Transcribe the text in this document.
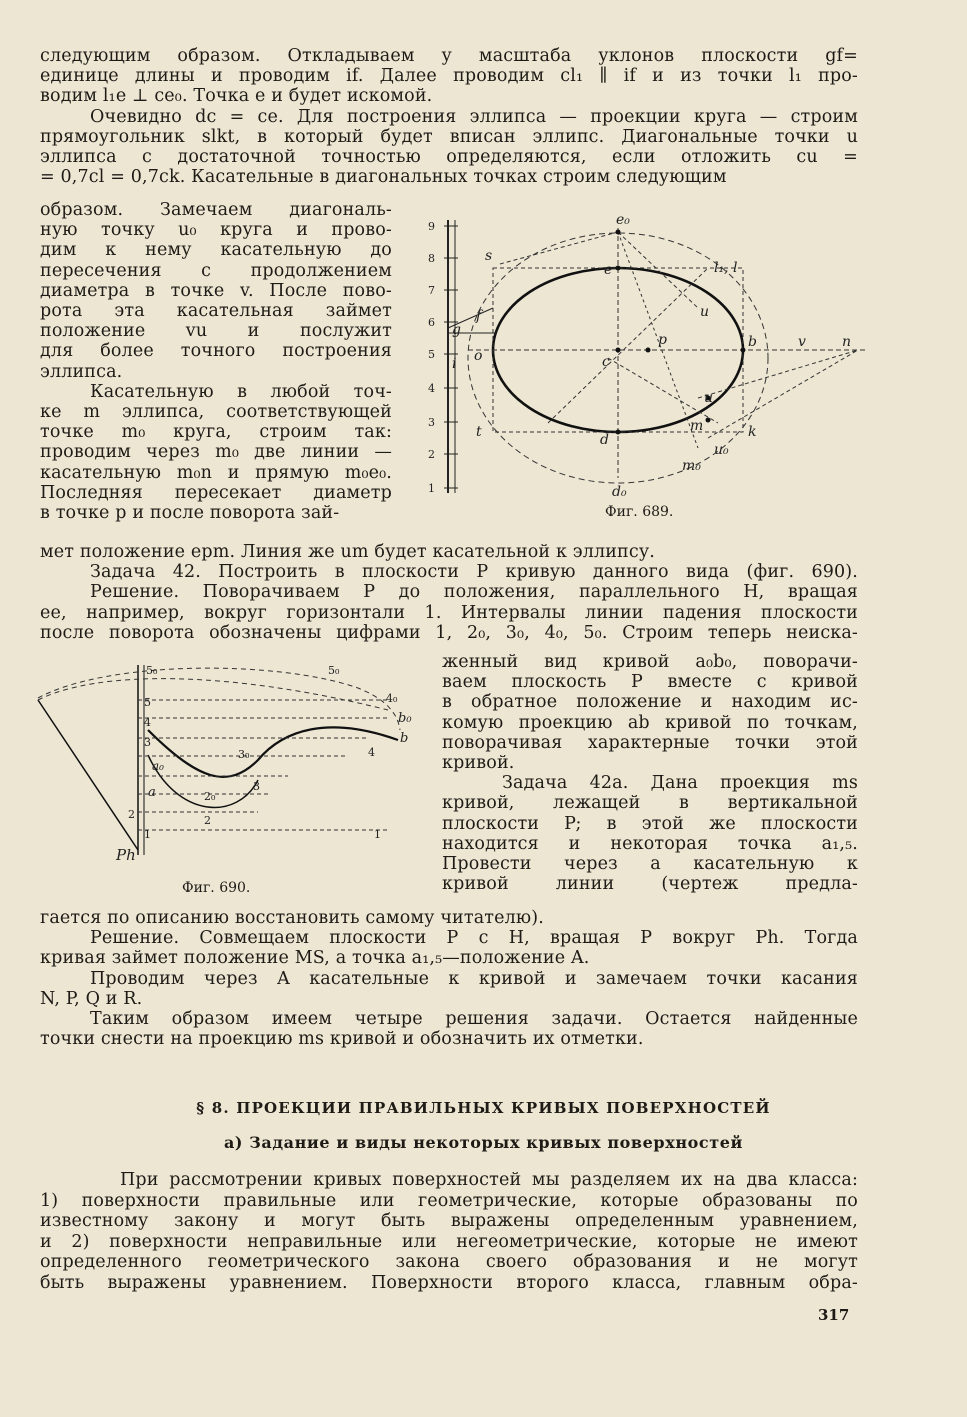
следующим образом. Откладываем у масштаба уклонов плоскости gf=
единице длины и проводим if. Далее проводим cl₁ ∥ if и из точки l₁ про-
водим l₁e ⊥ ce₀. Точка e и будет искомой.
Очевидно dc = ce. Для построения эллипса — проекции круга — строим
прямоугольник slkt, в который будет вписан эллипс. Диагональные точки u
эллипса с достаточной точностью определяются, если отложить cu =
= 0,7cl = 0,7ck. Касательные в диагональных точках строим следующим
образом. Замечаем диагональ-
ную точку u₀ круга и прово-
дим к нему касательную до
пересечения с продолжением
диаметра в точке v. После пово-
рота эта касательная займет
положение vu и послужит
для более точного построения
эллипса.
Касательную в любой точ-
ке m эллипса, соответствующей
точке m₀ круга, строим так:
проводим через m₀ две линии —
касательную m₀n и прямую m₀e₀.
Последняя пересекает диаметр
в точке p и после поворота зай-
9
8
7
6
5
4
3
2
1
e₀
s
e	l₁, l
u
f
g
p
o	c
b	v	n
i
u
t	d
m	k
u₀
m₀
d₀
Фиг. 689.
мет положение epm. Линия же um будет касательной к эллипсу.
Задача 42. Построить в плоскости P кривую данного вида (фиг. 690).
Решение. Поворачиваем P до положения, параллельного H, вращая
ее, например, вокруг горизонтали 1. Интервалы линии падения плоскости
после поворота обозначены цифрами 1, 2₀, 3₀, 4₀, 5₀. Строим теперь неиска-
5₀	5₀
5
4
3
2
1
4₀
b₀
b
4
3
3₀
2₀
2
1
Ph
a
a₀
Фиг. 690.
женный вид кривой a₀b₀, поворачи-
ваем плоскость P вместе с кривой
в обратное положение и находим ис-
комую проекцию ab кривой по точкам,
поворачивая характерные точки этой
кривой.
Задача 42а. Дана проекция ms
кривой, лежащей в вертикальной
плоскости P; в этой же плоскости
находится и некоторая точка a₁,₅.
Провести через a касательную к
кривой линии (чертеж предла-
гается по описанию восстановить самому читателю).
Решение. Совмещаем плоскости P с H, вращая P вокруг Ph. Тогда
кривая займет положение MS, а точка a₁,₅—положение A.
Проводим через A касательные к кривой и замечаем точки касания
N, P, Q и R.
Таким образом имеем четыре решения задачи. Остается найденные
точки снести на проекцию ms кривой и обозначить их отметки.
§ 8. ПРОЕКЦИИ ПРАВИЛЬНЫХ КРИВЫХ ПОВЕРХНОСТЕЙ
а) Задание и виды некоторых кривых поверхностей
При рассмотрении кривых поверхностей мы разделяем их на два класса:
1) поверхности правильные или геометрические, которые образованы по
известному закону и могут быть выражены определенным уравнением,
и 2) поверхности неправильные или негеометрические, которые не имеют
определенного геометрического закона своего образования и не могут
быть выражены уравнением. Поверхности второго класса, главным обра-
317
